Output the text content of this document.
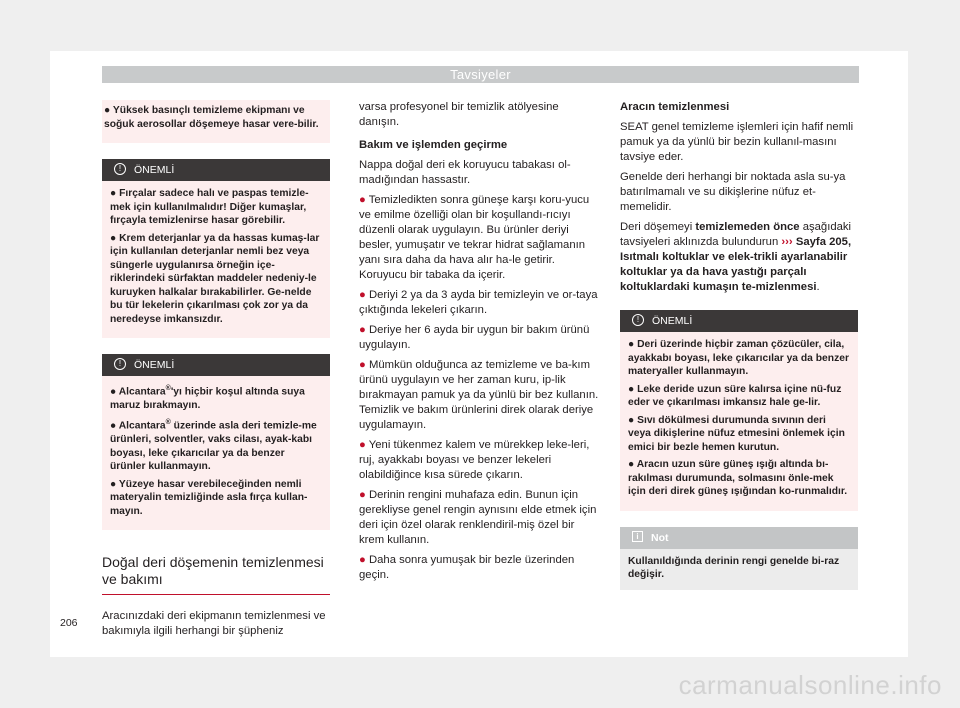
Tavsiyeler
● Yüksek basınçlı temizleme ekipmanı ve soğuk aerosollar döşemeye hasar vere-bilir.
! ÖNEMLİ
● Fırçalar sadece halı ve paspas temizle-mek için kullanılmalıdır! Diğer kumaşlar, fırçayla temizlenirse hasar görebilir.
● Krem deterjanlar ya da hassas kumaş-lar için kullanılan deterjanlar nemli bez veya süngerle uygulanırsa örneğin içe-riklerindeki sürfaktan maddeler nedeniy-le kuruyken halkalar bırakabilirler. Ge-nelde bu tür lekelerin çıkarılması çok zor ya da neredeyse imkansızdır.
! ÖNEMLİ
● Alcantara®'yı hiçbir koşul altında suya maruz bırakmayın.
● Alcantara® üzerinde asla deri temizle-me ürünleri, solventler, vaks cilası, ayak-kabı boyası, leke çıkarıcılar ya da benzer ürünler kullanmayın.
● Yüzeye hasar verebileceğinden nemli materyalin temizliğinde asla fırça kullan-mayın.
Doğal deri döşemenin temizlenmesi ve bakımı
Aracınızdaki deri ekipmanın temizlenmesi ve bakımıyla ilgili herhangi bir şüpheniz

varsa profesyonel bir temizlik atölyesine danışın.

Bakım ve işlemden geçirme

Nappa doğal deri ek koruyucu tabakası ol-madığından hassastır.

● Temizledikten sonra güneşe karşı koru-yucu ve emilme özelliği olan bir koşullandı-rıcıyı düzenli olarak uygulayın. Bu ürünler deriyi besler, yumuşatır ve tekrar hidrat sağlamanın yanı sıra daha da hava alır ha-le getirir. Koruyucu bir tabaka da içerir.

● Deriyi 2 ya da 3 ayda bir temizleyin ve or-taya çıktığında lekeleri çıkarın.

● Deriye her 6 ayda bir uygun bir bakım ürünü uygulayın.

● Mümkün olduğunca az temizleme ve ba-kım ürünü uygulayın ve her zaman kuru, ip-lik bırakmayan pamuk ya da yünlü bir bez kullanın. Temizlik ve bakım ürünlerini direk olarak deriye uygulamayın.

● Yeni tükenmez kalem ve mürekkep leke-leri, ruj, ayakkabı boyası ve benzer lekeleri olabildiğince kısa sürede çıkarın.

● Derinin rengini muhafaza edin. Bunun için gerekliyse genel rengin aynısını elde etmek için deri için özel olarak renklendiril-miş özel bir krem kullanın.

● Daha sonra yumuşak bir bezle üzerinden geçin.

Aracın temizlenmesi

SEAT genel temizleme işlemleri için hafif nemli pamuk ya da yünlü bir bezin kullanıl-masını tavsiye eder.

Genelde deri herhangi bir noktada asla su-ya batırılmamalı ve su dikişlerine nüfuz et-memelidir.

Deri döşemeyi temizlemeden önce aşağıdaki tavsiyeleri aklınızda bulundurun ››› Sayfa 205, Isıtmalı koltuklar ve elek-trikli ayarlanabilir koltuklar ya da hava yastığı parçalı koltuklardaki kumaşın te-mizlenmesi.

! ÖNEMLİ
● Deri üzerinde hiçbir zaman çözücüler, cila, ayakkabı boyası, leke çıkarıcılar ya da benzer materyaller kullanmayın.
● Leke deride uzun süre kalırsa içine nü-fuz eder ve çıkarılması imkansız hale ge-lir.
● Sıvı dökülmesi durumunda sıvının deri veya dikişlerine nüfuz etmesini önlemek için emici bir bezle hemen kurutun.
● Aracın uzun süre güneş ışığı altında bı-rakılması durumunda, solmasını önle-mek için deri direk güneş ışığından ko-runmalıdır.
i Not
Kullanıldığında derinin rengi genelde bi-raz değişir.
206
carmanualsonline.info
